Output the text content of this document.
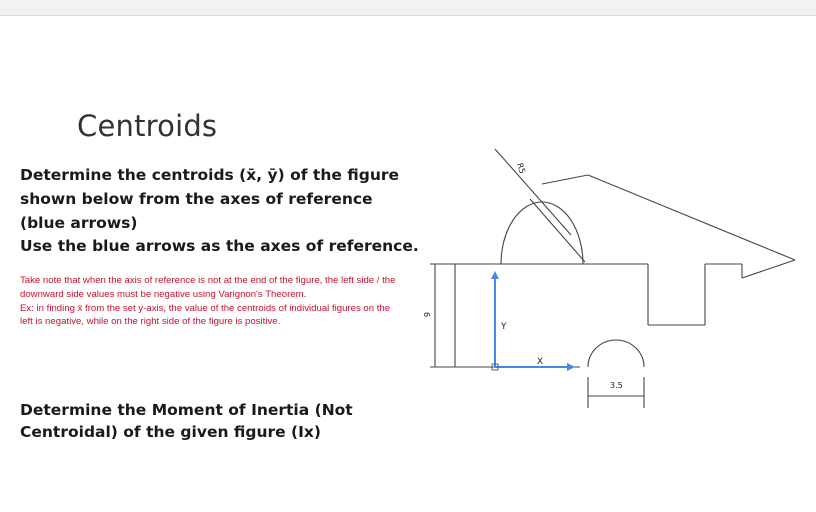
Centroids
Determine the centroids (x̄, ȳ) of the figure shown below from the axes of reference (blue arrows)
Use the blue arrows as the axes of reference.
Take note that when the axis of reference is not at the end of the figure, the left side / the downward side values must be negative using Varignon's Theorem.
Ex: in finding x̄ from the set y-axis, the value of the centroids of individual figures on the left is negative, while on the right side of the figure is positive.
Determine the Moment of Inertia (Not Centroidal) of the given figure (Ix)
R5
6
3.5
X
Y
